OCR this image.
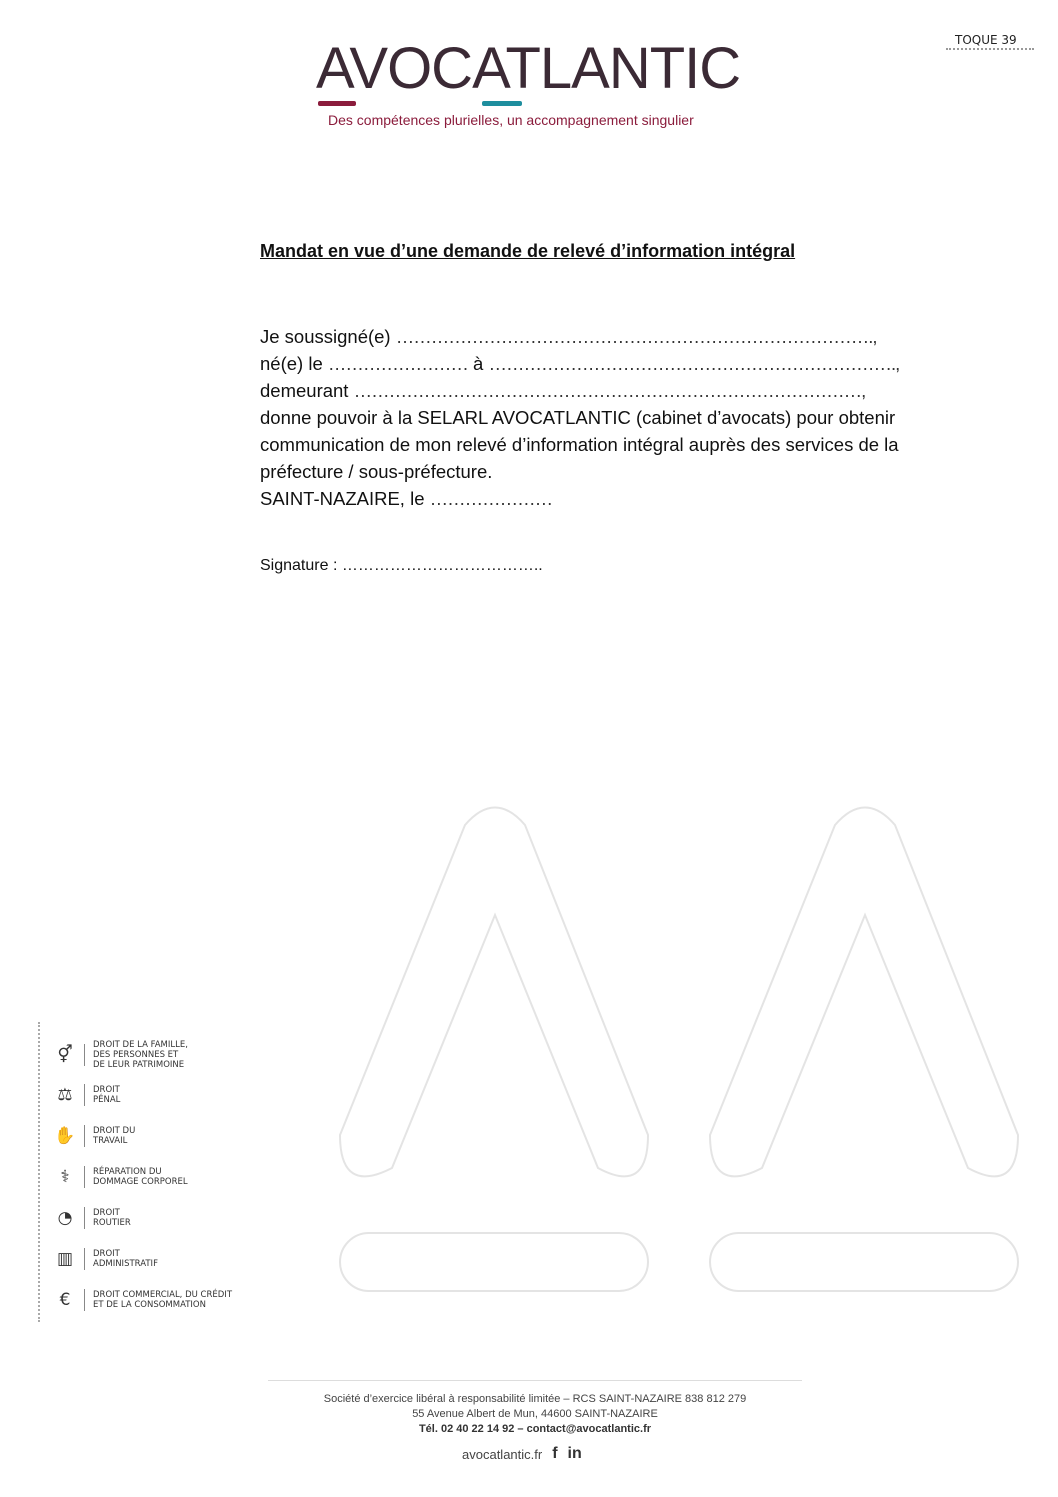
TOQUE 39
AVOCATLANTIC
Des compétences plurielles, un accompagnement singulier
Mandat en vue d’une demande de relevé d’information intégral
Je soussigné(e) ……………………………………………………………………….,
né(e) le …………………… à …………………………………………………………….,
demeurant ……………………………………………………………………………,
donne pouvoir à la SELARL AVOCATLANTIC (cabinet d’avocats) pour obtenir
communication de mon relevé d’information intégral auprès des services de la
préfecture / sous-préfecture.
SAINT-NAZAIRE, le …………………
Signature : ………………………………..
⚥	DROIT DE LA FAMILLE,
DES PERSONNES ET
DE LEUR PATRIMOINE
⚖	DROIT
PÉNAL
✋ DROIT DU
TRAVAIL
⚕	RÉPARATION DU
DOMMAGE CORPOREL
◔	DROIT
ROUTIER
▥	DROIT
ADMINISTRATIF
€	DROIT COMMERCIAL, DU CRÉDIT
ET DE LA CONSOMMATION
Société d’exercice libéral à responsabilité limitée – RCS SAINT-NAZAIRE 838 812 279
55 Avenue Albert de Mun, 44600 SAINT-NAZAIRE
Tél. 02 40 22 14 92 – contact@avocatlantic.fr
avocatlantic.fr f in
